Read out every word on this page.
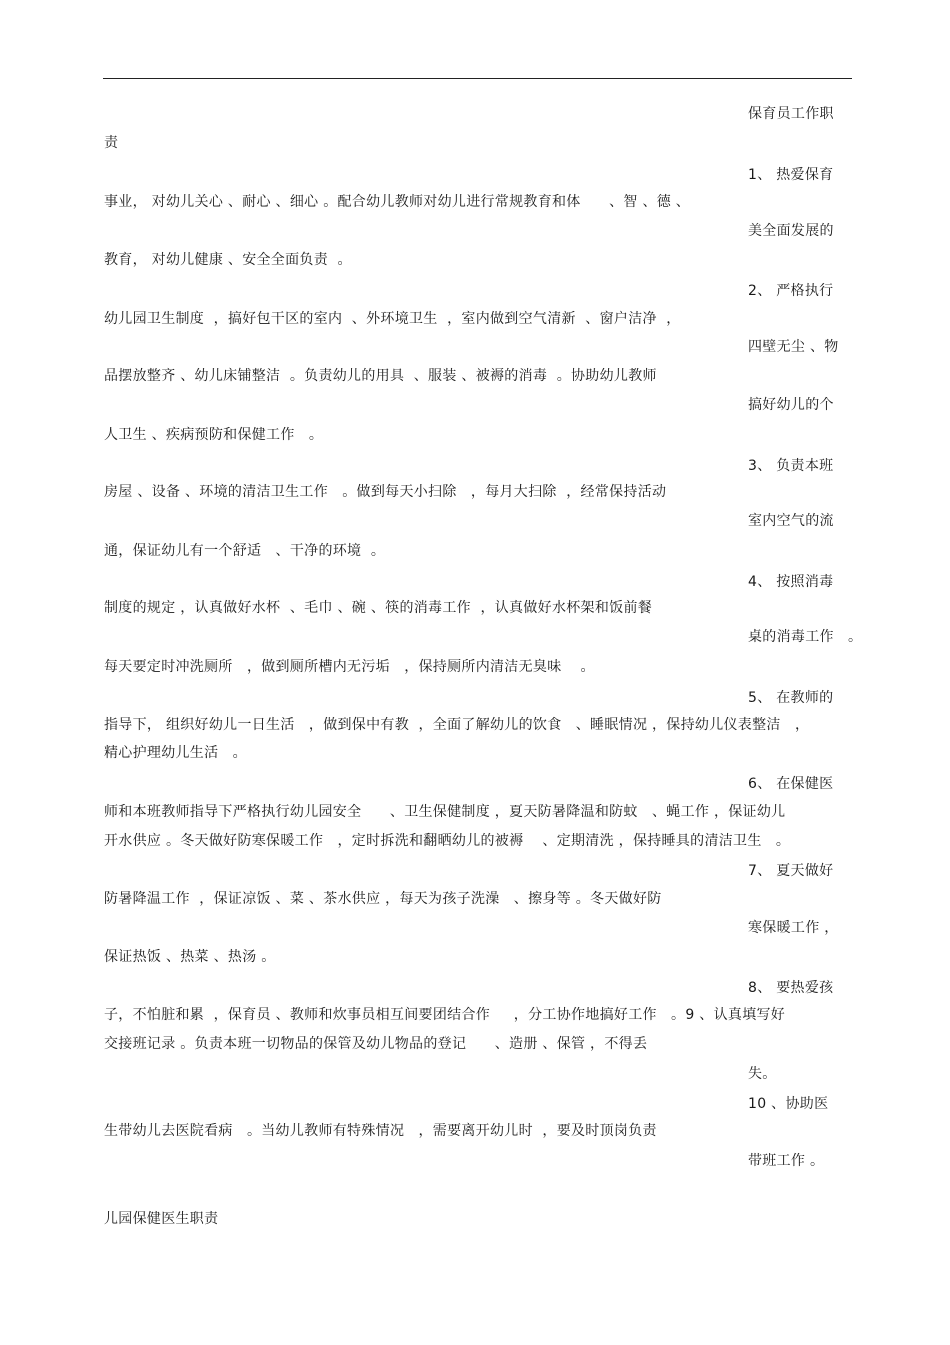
保育员工作职
责
1、 热爱保育
事业， 对幼儿关心 、耐心 、细心 。配合幼儿教师对幼儿进行常规教育和体      、智 、德 、
美全面发展的
教育， 对幼儿健康 、安全全面负责  。
2、 严格执行
幼儿园卫生制度  ，搞好包干区的室内  、外环境卫生  ，室内做到空气清新  、窗户洁净  ，
四壁无尘 、物
品摆放整齐 、幼儿床铺整洁  。负责幼儿的用具  、服装 、被褥的消毒  。协助幼儿教师
搞好幼儿的个
人卫生 、疾病预防和保健工作   。
3、 负责本班
房屋 、设备 、环境的清洁卫生工作   。做到每天小扫除   ，每月大扫除  ，经常保持活动
室内空气的流
通，保证幼儿有一个舒适   、干净的环境  。
4、 按照消毒
制度的规定 ，认真做好水杯  、毛巾 、碗 、筷的消毒工作  ，认真做好水杯架和饭前餐
桌的消毒工作   。
每天要定时冲洗厕所   ，做到厕所槽内无污垢   ，保持厕所内清洁无臭味    。
5、 在教师的
指导下， 组织好幼儿一日生活   ，做到保中有教  ，全面了解幼儿的饮食   、睡眠情况 ，保持幼儿仪表整洁   ，
精心护理幼儿生活   。
6、 在保健医
师和本班教师指导下严格执行幼儿园安全      、卫生保健制度 ，夏天防暑降温和防蚊   、蝇工作 ，保证幼儿
开水供应 。冬天做好防寒保暖工作   ，定时拆洗和翻晒幼儿的被褥    、定期清洗 ，保持睡具的清洁卫生   。
7、 夏天做好
防暑降温工作  ，保证凉饭 、菜 、茶水供应 ，每天为孩子洗澡   、擦身等 。冬天做好防
寒保暖工作 ，
保证热饭 、热菜 、热汤 。
8、 要热爱孩
子，不怕脏和累  ，保育员 、教师和炊事员相互间要团结合作     ，分工协作地搞好工作   。9 、认真填写好
交接班记录 。负责本班一切物品的保管及幼儿物品的登记      、造册 、保管 ，不得丢
失。
10 、协助医
生带幼儿去医院看病   。当幼儿教师有特殊情况   ，需要离开幼儿时  ，要及时顶岗负责
带班工作 。
儿园保健医生职责
